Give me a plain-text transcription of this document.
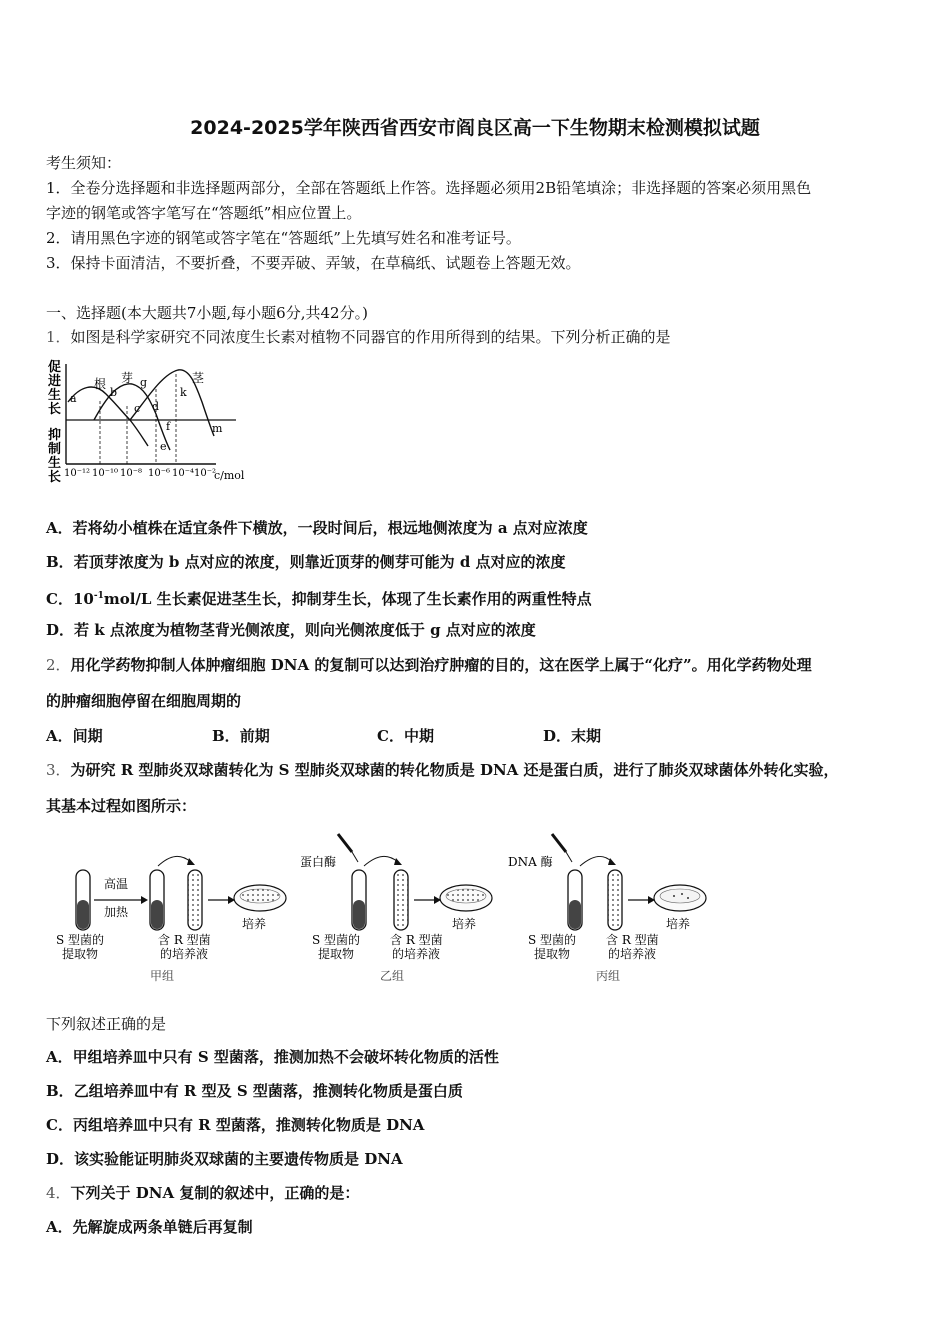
2024-2025学年陕西省西安市阎良区高一下生物期末检测模拟试题
考生须知：
1．全卷分选择题和非选择题两部分，全部在答题纸上作答。选择题必须用2B铅笔填涂；非选择题的答案必须用黑色
字迹的钢笔或答字笔写在“答题纸”相应位置上。
2．请用黑色字迹的钢笔或答字笔在“答题纸”上先填写姓名和准考证号。
3．保持卡面清洁，不要折叠，不要弄破、弄皱，在草稿纸、试题卷上答题无效。
一、选择题(本大题共7小题,每小题6分,共42分。)
1．如图是科学家研究不同浓度生长素对植物不同器官的作用所得到的结果。下列分析正确的是
促
进
生
长
抑
制
生
长
根 芽	茎
a	b
c d
e
f
g
k
m
10⁻¹² 10⁻¹⁰ 10⁻⁸ 10⁻⁶ 10⁻⁴ 10⁻²
c/mol
A．若将幼小植株在适宜条件下横放，一段时间后，根远地侧浓度为 a 点对应浓度
B．若顶芽浓度为 b 点对应的浓度，则靠近顶芽的侧芽可能为 d 点对应的浓度
C．$10^{-1}mol/L$ 生长素促进茎生长，抑制芽生长，体现了生长素作用的两重性特点
D．若 k 点浓度为植物茎背光侧浓度，则向光侧浓度低于 g 点对应的浓度
2．用化学药物抑制人体肿瘤细胞 DNA 的复制可以达到治疗肿瘤的目的，这在医学上属于“化疗”。用化学药物处理
的肿瘤细胞停留在细胞周期的
A．间期	B．前期	C．中期	D．末期
3．为研究 R 型肺炎双球菌转化为 S 型肺炎双球菌的转化物质是 DNA 还是蛋白质，进行了肺炎双球菌体外转化实验，
其基本过程如图所示：
高温
加热
培养
S 型菌的
提取物
含 R 型菌
的培养液
甲组
蛋白酶
培养
S 型菌的
提取物
含 R 型菌
的培养液
乙组
DNA 酶
培养
S 型菌的
提取物
含 R 型菌
的培养液
丙组
下列叙述正确的是
A．甲组培养皿中只有 S 型菌落，推测加热不会破坏转化物质的活性
B．乙组培养皿中有 R 型及 S 型菌落，推测转化物质是蛋白质
C．丙组培养皿中只有 R 型菌落，推测转化物质是 DNA
D．该实验能证明肺炎双球菌的主要遗传物质是 DNA
4．下列关于 DNA 复制的叙述中，正确的是：
A．先解旋成两条单链后再复制
